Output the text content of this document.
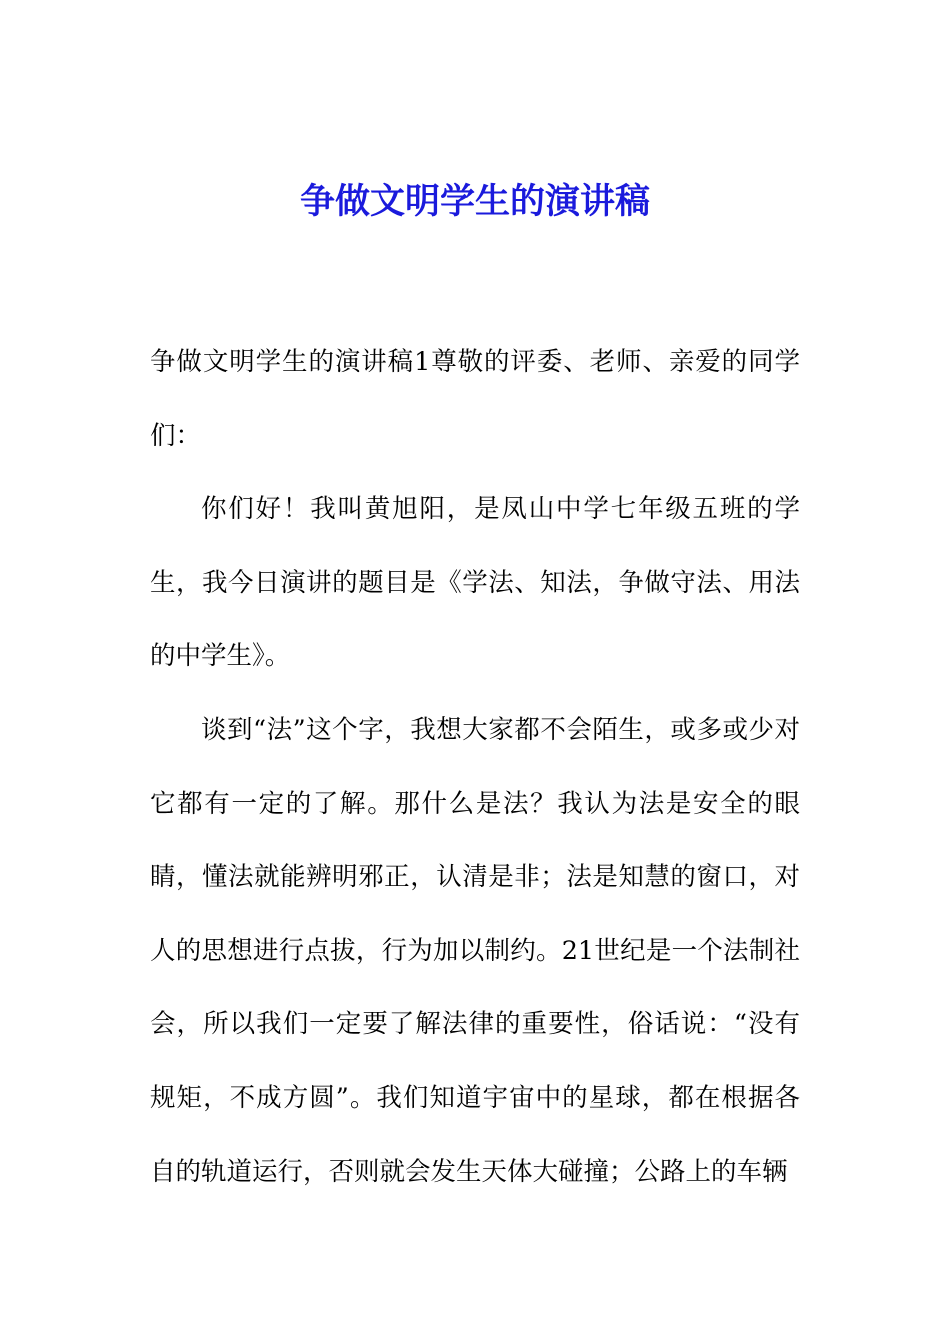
争做文明学生的演讲稿

争做文明学生的演讲稿1尊敬的评委、老师、亲爱的同学们：

你们好！我叫黄旭阳，是凤山中学七年级五班的学生，我今日演讲的题目是《学法、知法，争做守法、用法的中学生》。

谈到“法”这个字，我想大家都不会陌生，或多或少对它都有一定的了解。那什么是法？我认为法是安全的眼睛，懂法就能辨明邪正，认清是非；法是知慧的窗口，对人的思想进行点拔，行为加以制约。21世纪是一个法制社会，所以我们一定要了解法律的重要性，俗话说：“没有规矩，不成方圆”。我们知道宇宙中的星球，都在根据各自的轨道运行，否则就会发生天体大碰撞；公路上的车辆
